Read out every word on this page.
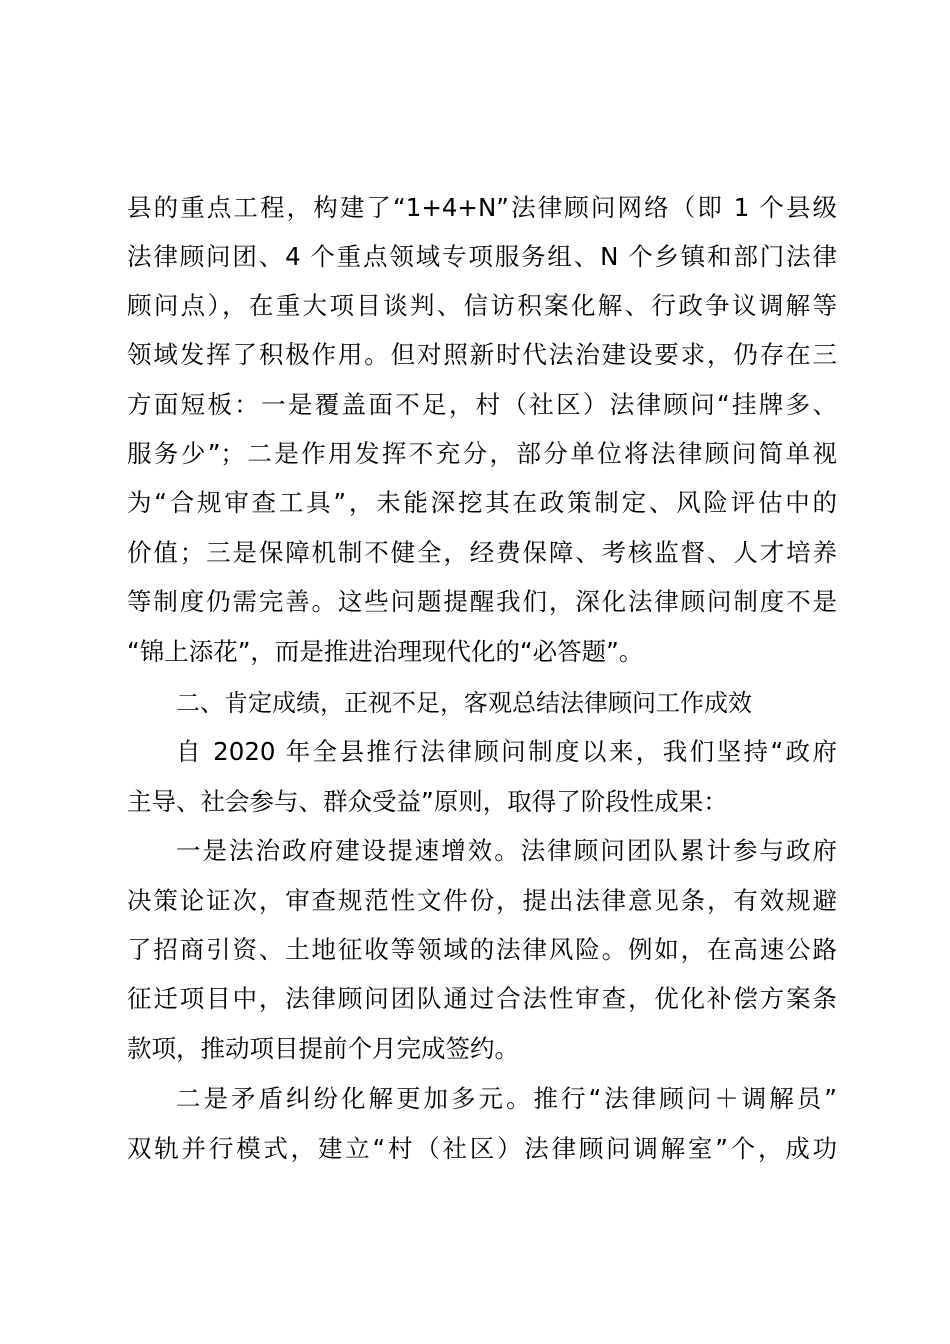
县的重点工程，构建了“1+4+N”法律顾问网络（即 1 个县级
法律顾问团、4 个重点领域专项服务组、N 个乡镇和部门法律
顾问点），在重大项目谈判、信访积案化解、行政争议调解等
领域发挥了积极作用。但对照新时代法治建设要求，仍存在三
方面短板：一是覆盖面不足，村（社区）法律顾问“挂牌多、
服务少”；二是作用发挥不充分，部分单位将法律顾问简单视
为“合规审查工具”，未能深挖其在政策制定、风险评估中的
价值；三是保障机制不健全，经费保障、考核监督、人才培养
等制度仍需完善。这些问题提醒我们，深化法律顾问制度不是
“锦上添花”，而是推进治理现代化的“必答题”。
二、肯定成绩，正视不足，客观总结法律顾问工作成效
自 2020 年全县推行法律顾问制度以来，我们坚持“政府
主导、社会参与、群众受益”原则，取得了阶段性成果：
一是法治政府建设提速增效。法律顾问团队累计参与政府
决策论证次，审查规范性文件份，提出法律意见条，有效规避
了招商引资、土地征收等领域的法律风险。例如，在高速公路
征迁项目中，法律顾问团队通过合法性审查，优化补偿方案条
款项，推动项目提前个月完成签约。
二是矛盾纠纷化解更加多元。推行“法律顾问＋调解员”
双轨并行模式，建立“村（社区）法律顾问调解室”个，成功
